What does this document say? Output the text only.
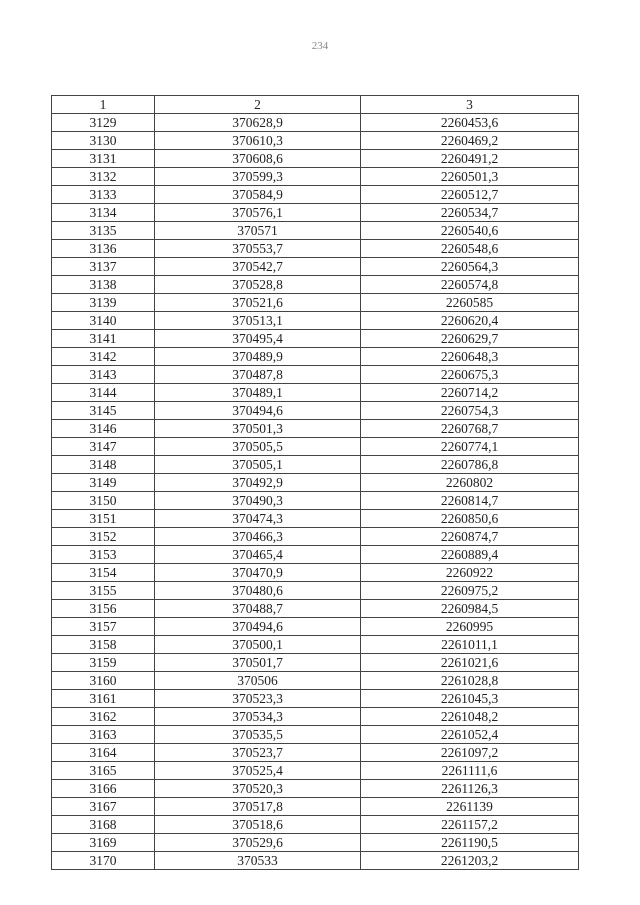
234
1	2	3
3129	370628,9	2260453,6
3130	370610,3	2260469,2
3131	370608,6	2260491,2
3132	370599,3	2260501,3
3133	370584,9	2260512,7
3134	370576,1	2260534,7
3135	370571	2260540,6
3136	370553,7	2260548,6
3137	370542,7	2260564,3
3138	370528,8	2260574,8
3139	370521,6	2260585
3140	370513,1	2260620,4
3141	370495,4	2260629,7
3142	370489,9	2260648,3
3143	370487,8	2260675,3
3144	370489,1	2260714,2
3145	370494,6	2260754,3
3146	370501,3	2260768,7
3147	370505,5	2260774,1
3148	370505,1	2260786,8
3149	370492,9	2260802
3150	370490,3	2260814,7
3151	370474,3	2260850,6
3152	370466,3	2260874,7
3153	370465,4	2260889,4
3154	370470,9	2260922
3155	370480,6	2260975,2
3156	370488,7	2260984,5
3157	370494,6	2260995
3158	370500,1	2261011,1
3159	370501,7	2261021,6
3160	370506	2261028,8
3161	370523,3	2261045,3
3162	370534,3	2261048,2
3163	370535,5	2261052,4
3164	370523,7	2261097,2
3165	370525,4	2261111,6
3166	370520,3	2261126,3
3167	370517,8	2261139
3168	370518,6	2261157,2
3169	370529,6	2261190,5
3170	370533	2261203,2
